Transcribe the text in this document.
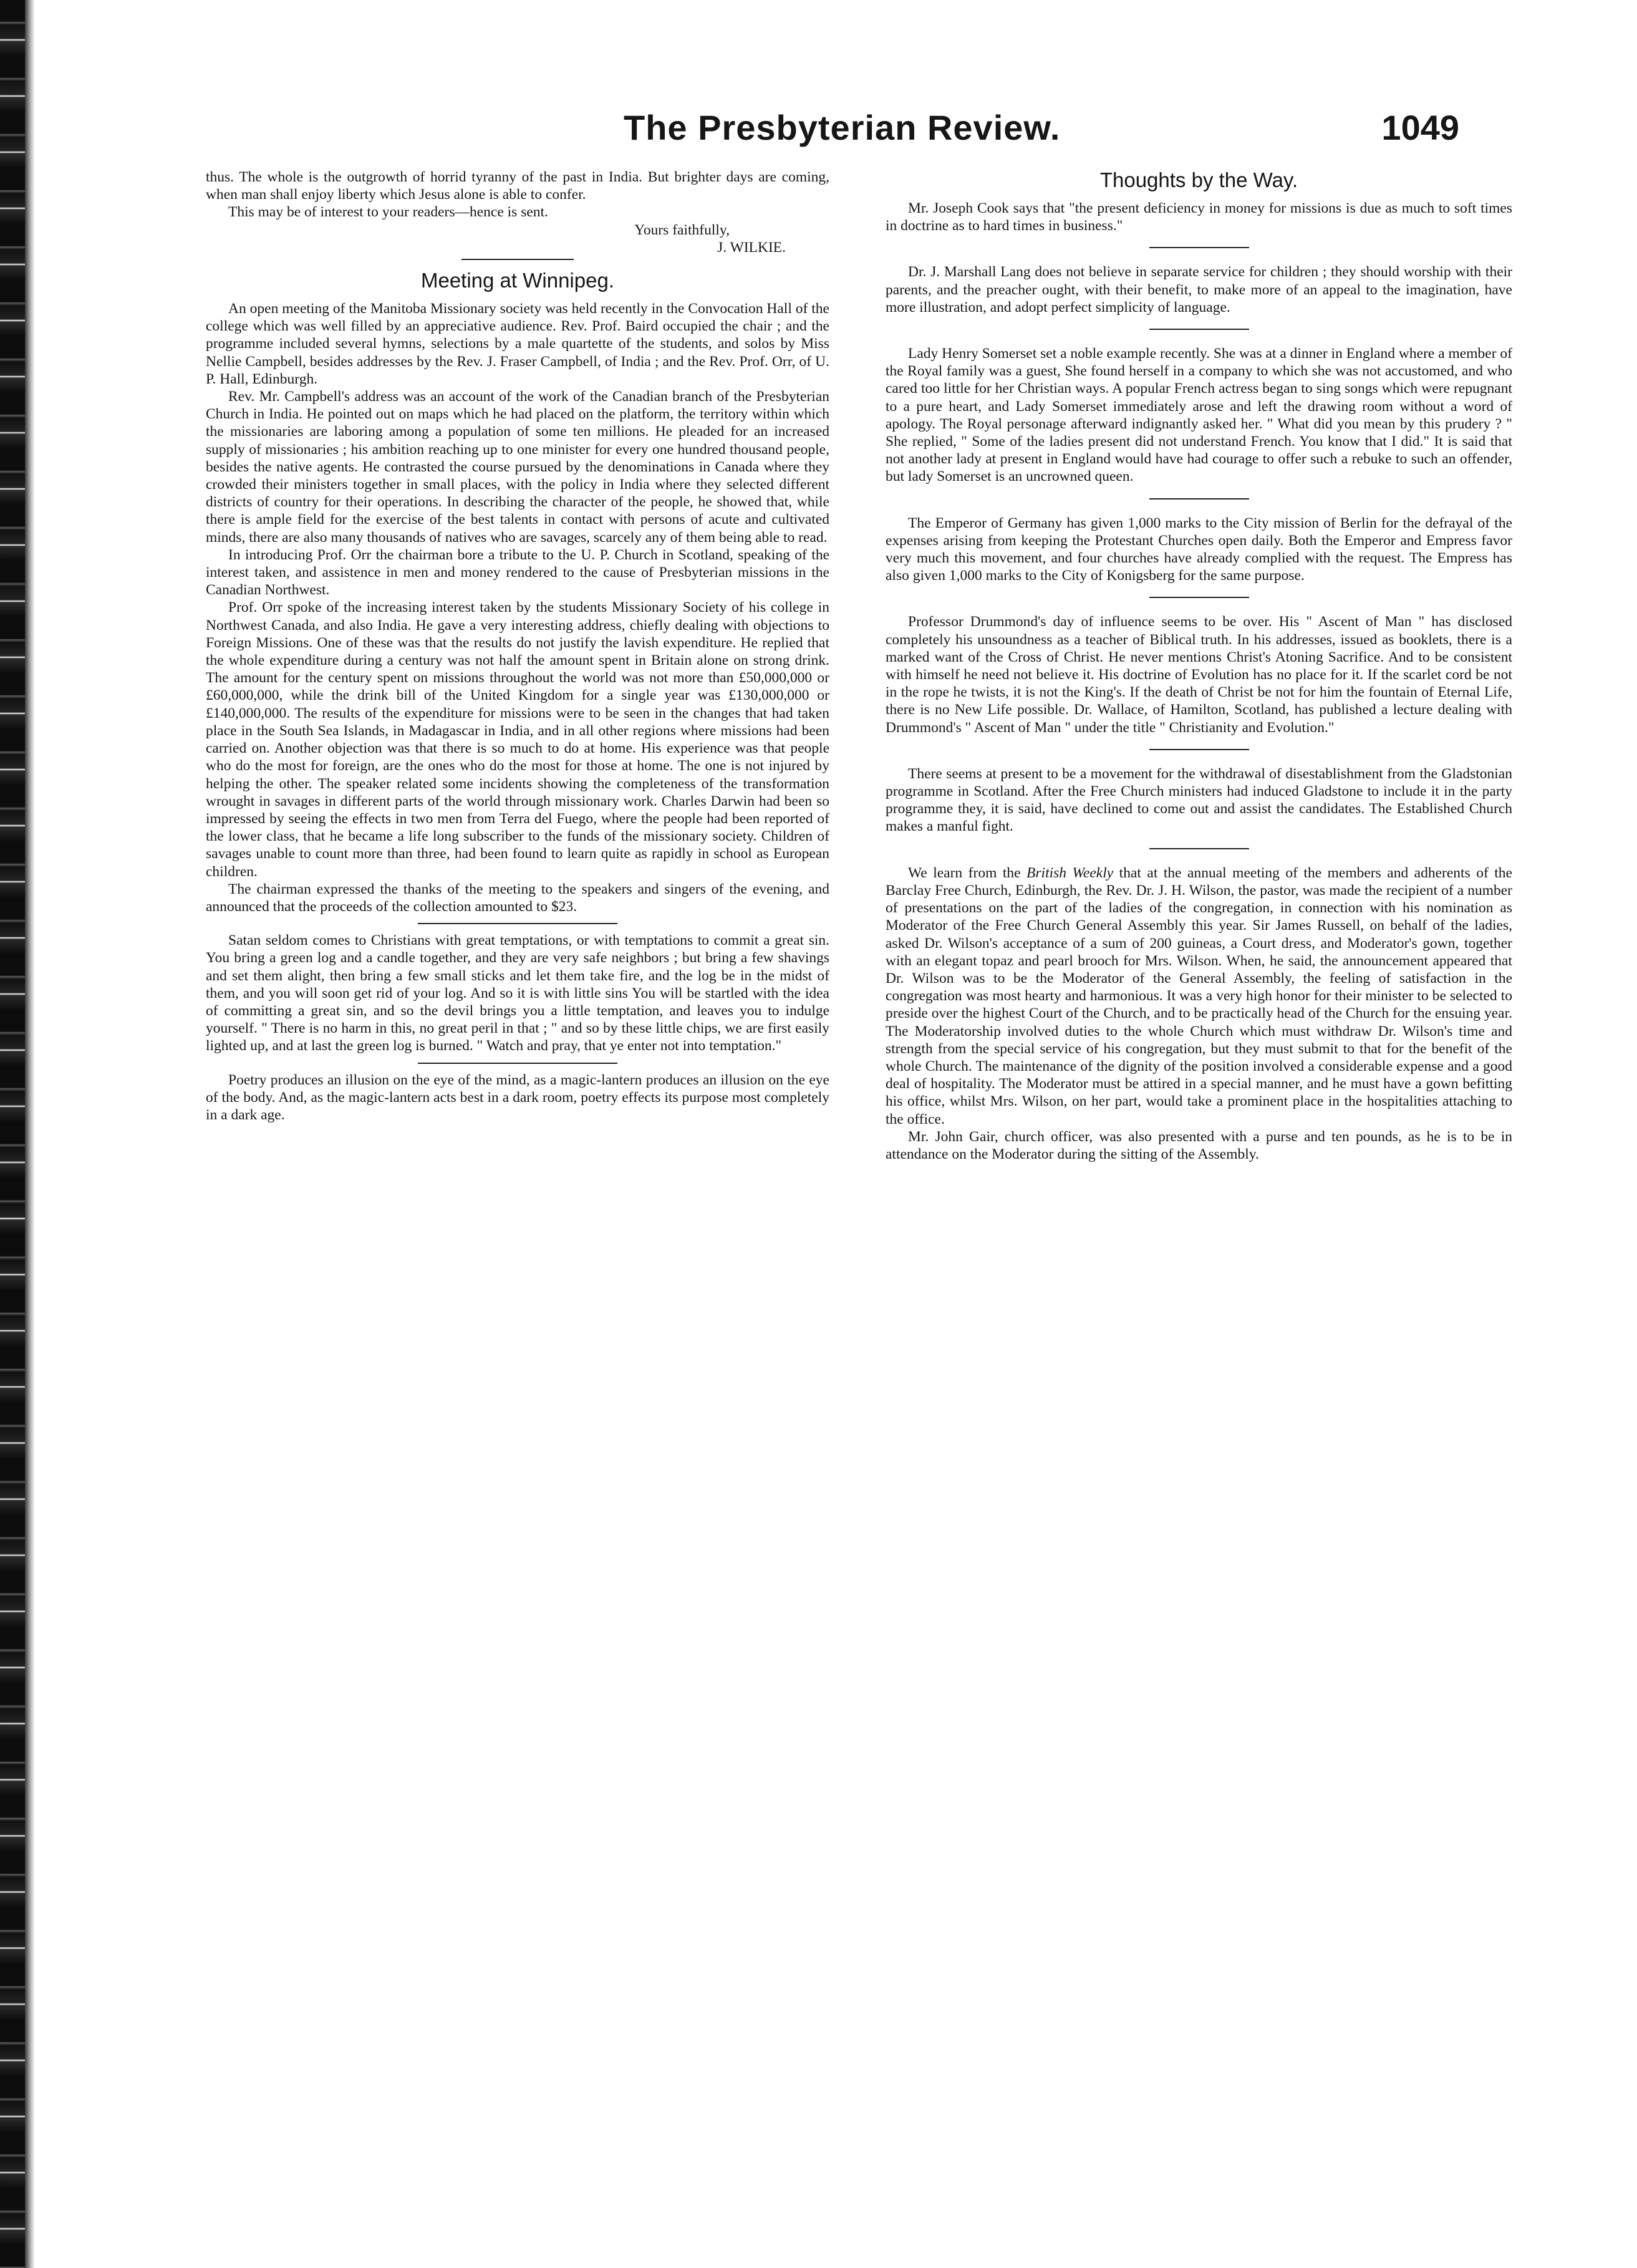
The Presbyterian Review.	1049

thus. The whole is the outgrowth of horrid tyranny of the past in India. But brighter days are coming, when man shall enjoy liberty which Jesus alone is able to confer.

This may be of interest to your readers—hence is sent.

Yours faithfully,

J. WILKIE.

Meeting at Winnipeg.

An open meeting of the Manitoba Missionary society was held recently in the Convocation Hall of the college which was well filled by an appreciative audience. Rev. Prof. Baird occupied the chair ; and the programme included several hymns, selections by a male quartette of the students, and solos by Miss Nellie Campbell, besides addresses by the Rev. J. Fraser Campbell, of India ; and the Rev. Prof. Orr, of U. P. Hall, Edinburgh.

Rev. Mr. Campbell's address was an account of the work of the Canadian branch of the Presbyterian Church in India. He pointed out on maps which he had placed on the platform, the territory within which the missionaries are laboring among a population of some ten millions. He pleaded for an increased supply of missionaries ; his ambition reaching up to one minister for every one hundred thousand people, besides the native agents. He contrasted the course pursued by the denominations in Canada where they crowded their ministers together in small places, with the policy in India where they selected different districts of country for their operations. In describing the character of the people, he showed that, while there is ample field for the exercise of the best talents in contact with persons of acute and cultivated minds, there are also many thousands of natives who are savages, scarcely any of them being able to read.

In introducing Prof. Orr the chairman bore a tribute to the U. P. Church in Scotland, speaking of the interest taken, and assistence in men and money rendered to the cause of Presbyterian missions in the Canadian Northwest.

Prof. Orr spoke of the increasing interest taken by the students Missionary Society of his college in Northwest Canada, and also India. He gave a very interesting address, chiefly dealing with objections to Foreign Missions. One of these was that the results do not justify the lavish expenditure. He replied that the whole expenditure during a century was not half the amount spent in Britain alone on strong drink. The amount for the century spent on missions throughout the world was not more than £50,000,000 or £60,000,000, while the drink bill of the United Kingdom for a single year was £130,000,000 or £140,000,000. The results of the expenditure for missions were to be seen in the changes that had taken place in the South Sea Islands, in Madagascar in India, and in all other regions where missions had been carried on. Another objection was that there is so much to do at home. His experience was that people who do the most for foreign, are the ones who do the most for those at home. The one is not injured by helping the other. The speaker related some incidents showing the completeness of the transformation wrought in savages in different parts of the world through missionary work. Charles Darwin had been so impressed by seeing the effects in two men from Terra del Fuego, where the people had been reported of the lower class, that he became a life long subscriber to the funds of the missionary society. Children of savages unable to count more than three, had been found to learn quite as rapidly in school as European children.

The chairman expressed the thanks of the meeting to the speakers and singers of the evening, and announced that the proceeds of the collection amounted to $23.

Satan seldom comes to Christians with great temptations, or with temptations to commit a great sin. You bring a green log and a candle together, and they are very safe neighbors ; but bring a few shavings and set them alight, then bring a few small sticks and let them take fire, and the log be in the midst of them, and you will soon get rid of your log. And so it is with little sins You will be startled with the idea of committing a great sin, and so the devil brings you a little temptation, and leaves you to indulge yourself. " There is no harm in this, no great peril in that ; " and so by these little chips, we are first easily lighted up, and at last the green log is burned. " Watch and pray, that ye enter not into temptation."

Poetry produces an illusion on the eye of the mind, as a magic-lantern produces an illusion on the eye of the body. And, as the magic-lantern acts best in a dark room, poetry effects its purpose most completely in a dark age.

Thoughts by the Way.

Mr. Joseph Cook says that "the present deficiency in money for missions is due as much to soft times in doctrine as to hard times in business."

Dr. J. Marshall Lang does not believe in separate service for children ; they should worship with their parents, and the preacher ought, with their benefit, to make more of an appeal to the imagination, have more illustration, and adopt perfect simplicity of language.

Lady Henry Somerset set a noble example recently. She was at a dinner in England where a member of the Royal family was a guest, She found herself in a company to which she was not accustomed, and who cared too little for her Christian ways. A popular French actress began to sing songs which were repugnant to a pure heart, and Lady Somerset immediately arose and left the drawing room without a word of apology. The Royal personage afterward indignantly asked her. " What did you mean by this prudery ? " She replied, " Some of the ladies present did not understand French. You know that I did." It is said that not another lady at present in England would have had courage to offer such a rebuke to such an offender, but lady Somerset is an uncrowned queen.

The Emperor of Germany has given 1,000 marks to the City mission of Berlin for the defrayal of the expenses arising from keeping the Protestant Churches open daily. Both the Emperor and Empress favor very much this movement, and four churches have already complied with the request. The Empress has also given 1,000 marks to the City of Konigsberg for the same purpose.

Professor Drummond's day of influence seems to be over. His " Ascent of Man " has disclosed completely his unsoundness as a teacher of Biblical truth. In his addresses, issued as booklets, there is a marked want of the Cross of Christ. He never mentions Christ's Atoning Sacrifice. And to be consistent with himself he need not believe it. His doctrine of Evolution has no place for it. If the scarlet cord be not in the rope he twists, it is not the King's. If the death of Christ be not for him the fountain of Eternal Life, there is no New Life possible. Dr. Wallace, of Hamilton, Scotland, has published a lecture dealing with Drummond's " Ascent of Man " under the title " Christianity and Evolution."

There seems at present to be a movement for the withdrawal of disestablishment from the Gladstonian programme in Scotland. After the Free Church ministers had induced Gladstone to include it in the party programme they, it is said, have declined to come out and assist the candidates. The Established Church makes a manful fight.

We learn from the British Weekly that at the annual meeting of the members and adherents of the Barclay Free Church, Edinburgh, the Rev. Dr. J. H. Wilson, the pastor, was made the recipient of a number of presentations on the part of the ladies of the congregation, in connection with his nomination as Moderator of the Free Church General Assembly this year. Sir James Russell, on behalf of the ladies, asked Dr. Wilson's acceptance of a sum of 200 guineas, a Court dress, and Moderator's gown, together with an elegant topaz and pearl brooch for Mrs. Wilson. When, he said, the announcement appeared that Dr. Wilson was to be the Moderator of the General Assembly, the feeling of satisfaction in the congregation was most hearty and harmonious. It was a very high honor for their minister to be selected to preside over the highest Court of the Church, and to be practically head of the Church for the ensuing year. The Moderatorship involved duties to the whole Church which must withdraw Dr. Wilson's time and strength from the special service of his congregation, but they must submit to that for the benefit of the whole Church. The maintenance of the dignity of the position involved a considerable expense and a good deal of hospitality. The Moderator must be attired in a special manner, and he must have a gown befitting his office, whilst Mrs. Wilson, on her part, would take a prominent place in the hospitalities attaching to the office.

Mr. John Gair, church officer, was also presented with a purse and ten pounds, as he is to be in attendance on the Moderator during the sitting of the Assembly.
